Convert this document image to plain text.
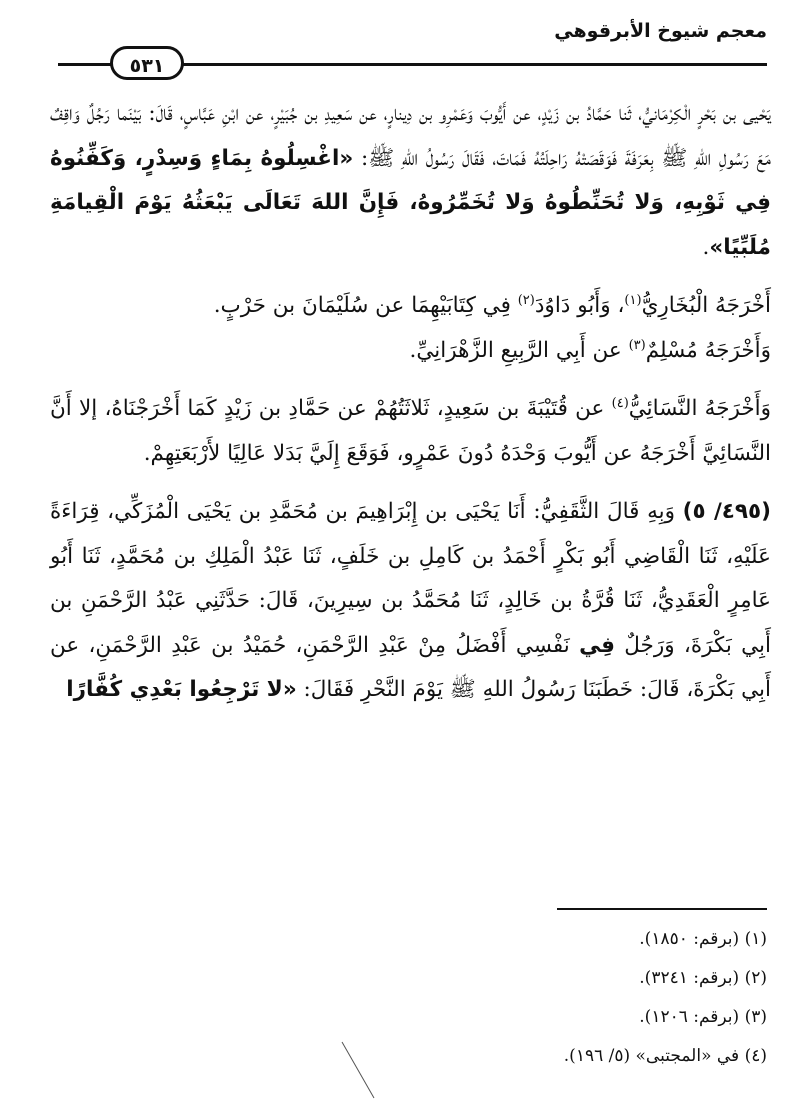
معجم شيوخ الأبرقوهي
٥٣١

يَحْيى بن بَحْرٍ الْكِرْمَانيُّ، ثَنا حَمَّادُ بن زَيْدٍ، عن أَيُّوبَ وَعَمْرِو بن دِينارٍ، عن سَعِيدِ بن جُبَيْرٍ، عن ابْنِ عَبَّاسٍ، قَالَ: بَيْنَما رَجُلٌ وَاقِفٌ مَعَ رَسُولِ اللهِ ﷺ بِعَرَفَةَ فَوَقَصَتْهُ رَاحِلَتُهُ فَمَاتَ، فَقَالَ رَسُولُ اللهِ ﷺ: «اغْسِلُوهُ بِمَاءٍ وَسِدْرٍ، وَكَفِّنُوهُ فِي ثَوْبِهِ، وَلا تُحَنِّطُوهُ وَلا تُخَمِّرُوهُ، فَإِنَّ اللهَ تَعَالَى يَبْعَثُهُ يَوْمَ الْقِيامَةِ مُلَبِّيًا».

أَخْرَجَهُ الْبُخَارِيُّ$^{(١)}$، وَأَبُو دَاوُدَ$^{(٢)}$ فِي كِتَابَيْهِمَا عن سُلَيْمَانَ بن حَرْبٍ.
وَأَخْرَجَهُ مُسْلِمٌ$^{(٣)}$ عن أَبِي الرَّبِيعِ الزَّهْرَانِيِّ.

وَأَخْرَجَهُ النَّسَائِيُّ$^{(٤)}$ عن قُتَيْبَةَ بن سَعِيدٍ، ثَلاثَتُهُمْ عن حَمَّادِ بن زَيْدٍ كَمَا أَخْرَجْنَاهُ، إلا أَنَّ النَّسَائِيَّ أَخْرَجَهُ عن أَيُّوبَ وَحْدَهُ دُونَ عَمْرٍو، فَوَقَعَ إِلَيَّ بَدَلا عَالِيًا لأَرْبَعَتِهِمْ.

(٤٩٥/ ٥) وَبِهِ قَالَ الثَّقَفِيُّ: أَنَا يَحْيَى بن إِبْرَاهِيمَ بن مُحَمَّدِ بن يَحْيَى الْمُزَكِّي، قِرَاءَةً عَلَيْهِ، ثَنَا الْقَاضِي أَبُو بَكْرٍ أَحْمَدُ بن كَامِلِ بن خَلَفٍ، ثَنَا عَبْدُ الْمَلِكِ بن مُحَمَّدٍ، ثَنَا أَبُو عَامِرٍ الْعَقَدِيُّ، ثَنَا قُرَّةُ بن خَالِدٍ، ثَنَا مُحَمَّدُ بن سِيرِينَ، قَالَ: حَدَّثَنِي عَبْدُ الرَّحْمَنِ بن أَبِي بَكْرَةَ، وَرَجُلٌ فِي نَفْسِي أَفْضَلُ مِنْ عَبْدِ الرَّحْمَنِ، حُمَيْدُ بن عَبْدِ الرَّحْمَنِ، عن أَبِي بَكْرَةَ، قَالَ: خَطَبَنَا رَسُولُ اللهِ ﷺ يَوْمَ النَّحْرِ فَقَالَ: «لا تَرْجِعُوا بَعْدِي كُفَّارًا

(١) (برقم: ١٨٥٠).
(٢) (برقم: ٣٢٤١).
(٣) (برقم: ١٢٠٦).
(٤) في «المجتبى» (٥/ ١٩٦).
